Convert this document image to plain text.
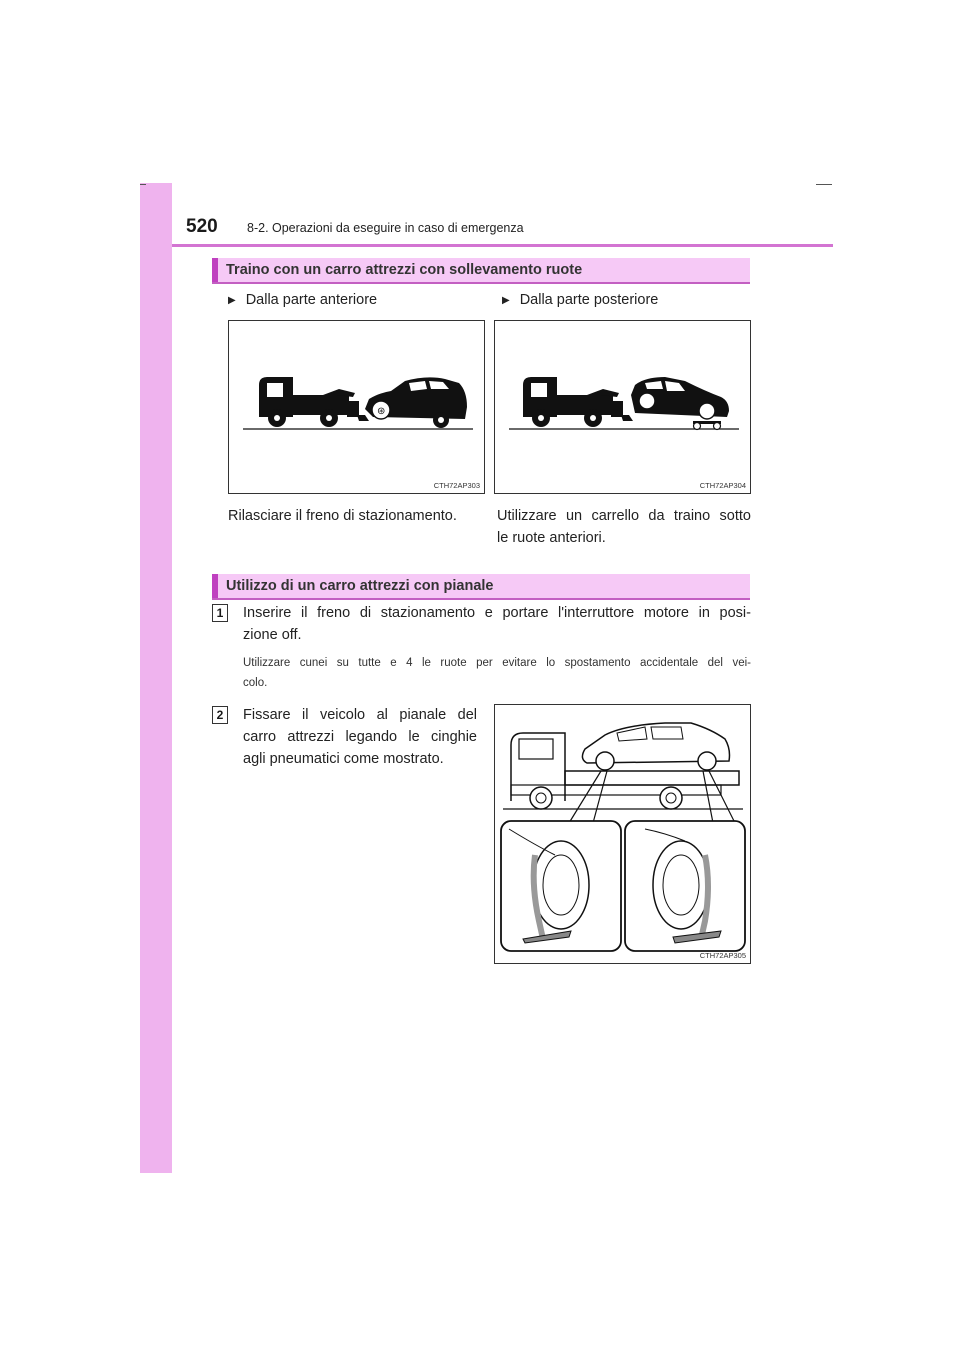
520 8-2. Operazioni da eseguire in caso di emergenza
Traino con un carro attrezzi con sollevamento ruote
▶ Dalla parte anteriore	▶ Dalla parte posteriore
⊛
CTH72AP303	CTH72AP304
Rilasciare il freno di stazionamento.	Utilizzare un carrello da traino sotto
le ruote anteriori.
Utilizzo di un carro attrezzi con pianale
1	Inserire il freno di stazionamento e portare l'interruttore motore in posi-
zione off.
Utilizzare cunei su tutte e 4 le ruote per evitare lo spostamento accidentale del vei-
colo.
2	Fissare il veicolo al pianale del
carro attrezzi legando le cinghie
agli pneumatici come mostrato.
CTH72AP305
